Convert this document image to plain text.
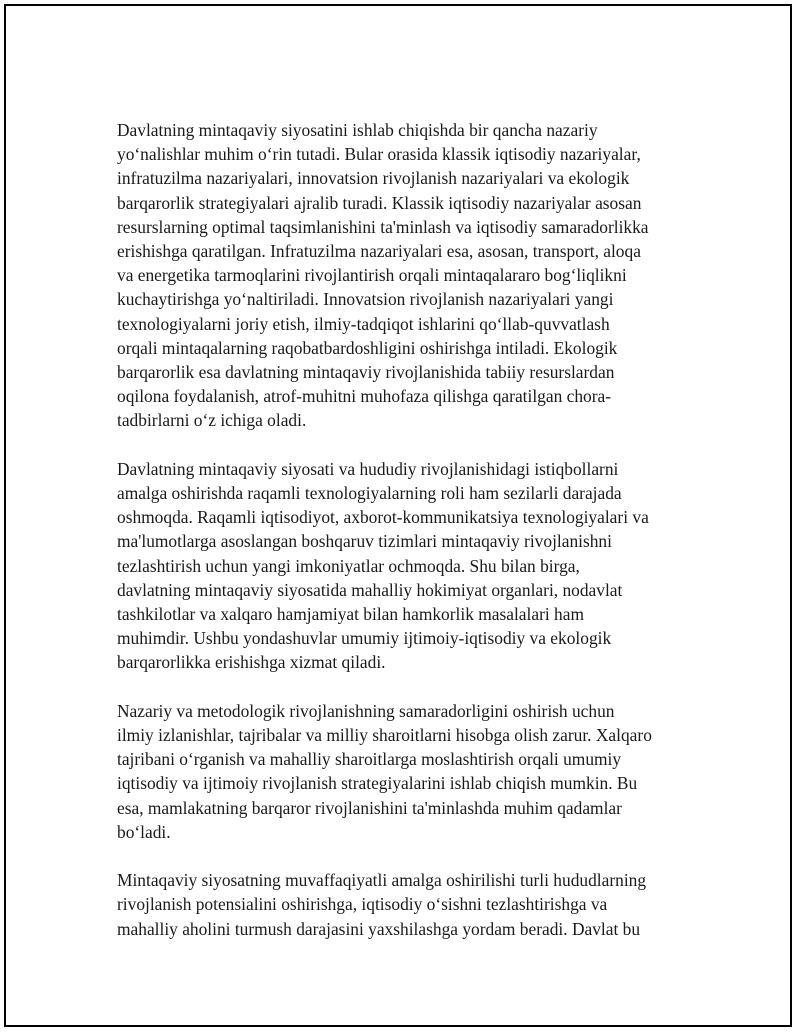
Davlatning mintaqaviy siyosatini ishlab chiqishda bir qancha nazariy
yo‘nalishlar muhim o‘rin tutadi. Bular orasida klassik iqtisodiy nazariyalar,
infratuzilma nazariyalari, innovatsion rivojlanish nazariyalari va ekologik
barqarorlik strategiyalari ajralib turadi. Klassik iqtisodiy nazariyalar asosan
resurslarning optimal taqsimlanishini ta'minlash va iqtisodiy samaradorlikka
erishishga qaratilgan. Infratuzilma nazariyalari esa, asosan, transport, aloqa
va energetika tarmoqlarini rivojlantirish orqali mintaqalararo bog‘liqlikni
kuchaytirishga yo‘naltiriladi. Innovatsion rivojlanish nazariyalari yangi
texnologiyalarni joriy etish, ilmiy-tadqiqot ishlarini qo‘llab-quvvatlash
orqali mintaqalarning raqobatbardoshligini oshirishga intiladi. Ekologik
barqarorlik esa davlatning mintaqaviy rivojlanishida tabiiy resurslardan
oqilona foydalanish, atrof-muhitni muhofaza qilishga qaratilgan chora-
tadbirlarni o‘z ichiga oladi.

Davlatning mintaqaviy siyosati va hududiy rivojlanishidagi istiqbollarni
amalga oshirishda raqamli texnologiyalarning roli ham sezilarli darajada
oshmoqda. Raqamli iqtisodiyot, axborot-kommunikatsiya texnologiyalari va
ma'lumotlarga asoslangan boshqaruv tizimlari mintaqaviy rivojlanishni
tezlashtirish uchun yangi imkoniyatlar ochmoqda. Shu bilan birga,
davlatning mintaqaviy siyosatida mahalliy hokimiyat organlari, nodavlat
tashkilotlar va xalqaro hamjamiyat bilan hamkorlik masalalari ham
muhimdir. Ushbu yondashuvlar umumiy ijtimoiy-iqtisodiy va ekologik
barqarorlikka erishishga xizmat qiladi.

Nazariy va metodologik rivojlanishning samaradorligini oshirish uchun
ilmiy izlanishlar, tajribalar va milliy sharoitlarni hisobga olish zarur. Xalqaro
tajribani o‘rganish va mahalliy sharoitlarga moslashtirish orqali umumiy
iqtisodiy va ijtimoiy rivojlanish strategiyalarini ishlab chiqish mumkin. Bu
esa, mamlakatning barqaror rivojlanishini ta'minlashda muhim qadamlar
bo‘ladi.

Mintaqaviy siyosatning muvaffaqiyatli amalga oshirilishi turli hududlarning
rivojlanish potensialini oshirishga, iqtisodiy o‘sishni tezlashtirishga va
mahalliy aholini turmush darajasini yaxshilashga yordam beradi. Davlat bu
